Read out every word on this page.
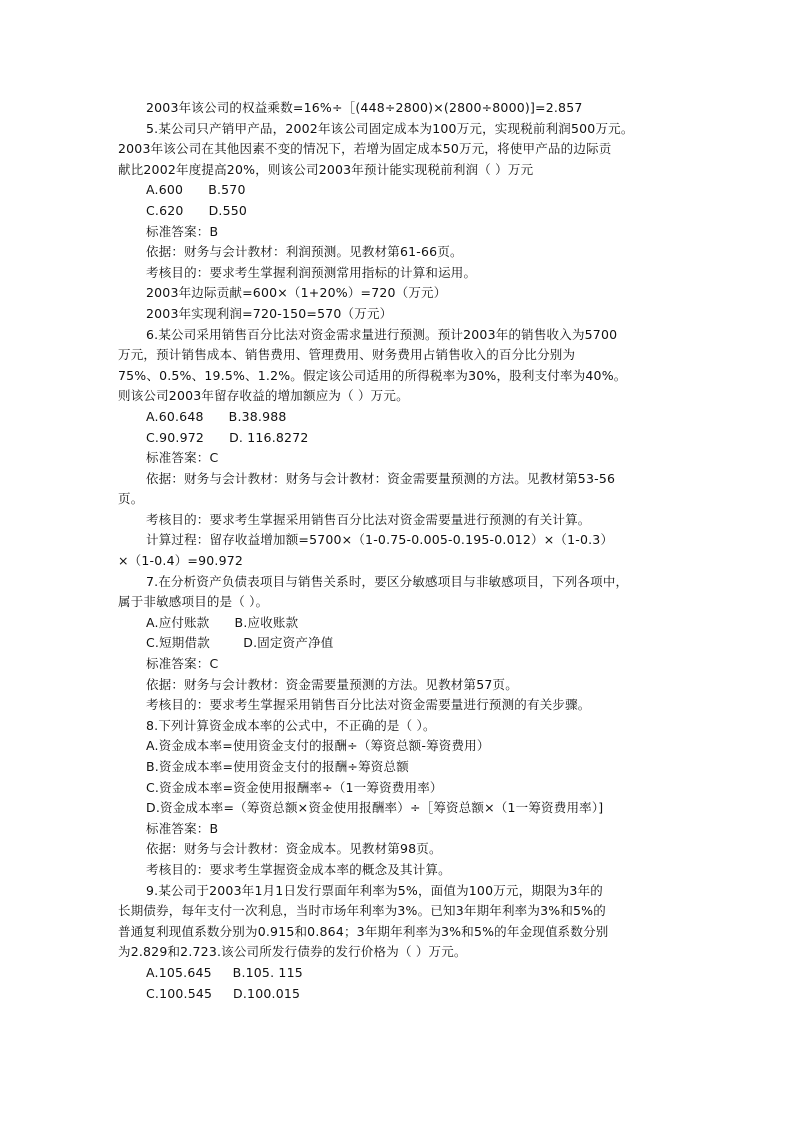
2003年该公司的权益乘数=16%÷［(448÷2800)×(2800÷8000)]=2.857
5.某公司只产销甲产品，2002年该公司固定成本为100万元，实现税前利润500万元。
2003年该公司在其他因素不变的情况下，若增为固定成本50万元，将使甲产品的边际贡
献比2002年度提高20%，则该公司2003年预计能实现税前利润（ ）万元
A.600      B.570
C.620      D.550
标准答案：B
依据：财务与会计教材：利润预测。见教材第61-66页。
考核目的：要求考生掌握利润预测常用指标的计算和运用。
2003年边际贡献=600×（1+20%）=720（万元）
2003年实现利润=720-150=570（万元）
6.某公司采用销售百分比法对资金需求量进行预测。预计2003年的销售收入为5700
万元，预计销售成本、销售费用、管理费用、财务费用占销售收入的百分比分别为
75%、0.5%、19.5%、1.2%。假定该公司适用的所得税率为30%，股利支付率为40%。
则该公司2003年留存收益的增加额应为（ ）万元。
A.60.648      B.38.988
C.90.972      D. 116.8272
标准答案：C
依据：财务与会计教材：财务与会计教材：资金需要量预测的方法。见教材第53-56
页。
考核目的：要求考生掌握采用销售百分比法对资金需要量进行预测的有关计算。
计算过程：留存收益增加额=5700×（1-0.75-0.005-0.195-0.012）×（1-0.3）
×（1-0.4）=90.972
7.在分析资产负债表项目与销售关系时，要区分敏感项目与非敏感项目，下列各项中，
属于非敏感项目的是（ ）。
A.应付账款      B.应收账款
C.短期借款        D.固定资产净值
标准答案：C
依据：财务与会计教材：资金需要量预测的方法。见教材第57页。
考核目的：要求考生掌握采用销售百分比法对资金需要量进行预测的有关步骤。
8.下列计算资金成本率的公式中，不正确的是（ ）。
A.资金成本率=使用资金支付的报酬÷（筹资总额-筹资费用）
B.资金成本率=使用资金支付的报酬÷筹资总额
C.资金成本率=资金使用报酬率÷（1一筹资费用率）
D.资金成本率=（筹资总额×资金使用报酬率）÷［筹资总额×（1一筹资费用率）]
标准答案：B
依据：财务与会计教材：资金成本。见教材第98页。
考核目的：要求考生掌握资金成本率的概念及其计算。
9.某公司于2003年1月1日发行票面年利率为5%，面值为100万元，期限为3年的
长期债券，每年支付一次利息，当时市场年利率为3%。已知3年期年利率为3%和5%的
普通复利现值系数分别为0.915和0.864；3年期年利率为3%和5%的年金现值系数分别
为2.829和2.723.该公司所发行债券的发行价格为（ ）万元。
A.105.645     B.105. 115
C.100.545     D.100.015
